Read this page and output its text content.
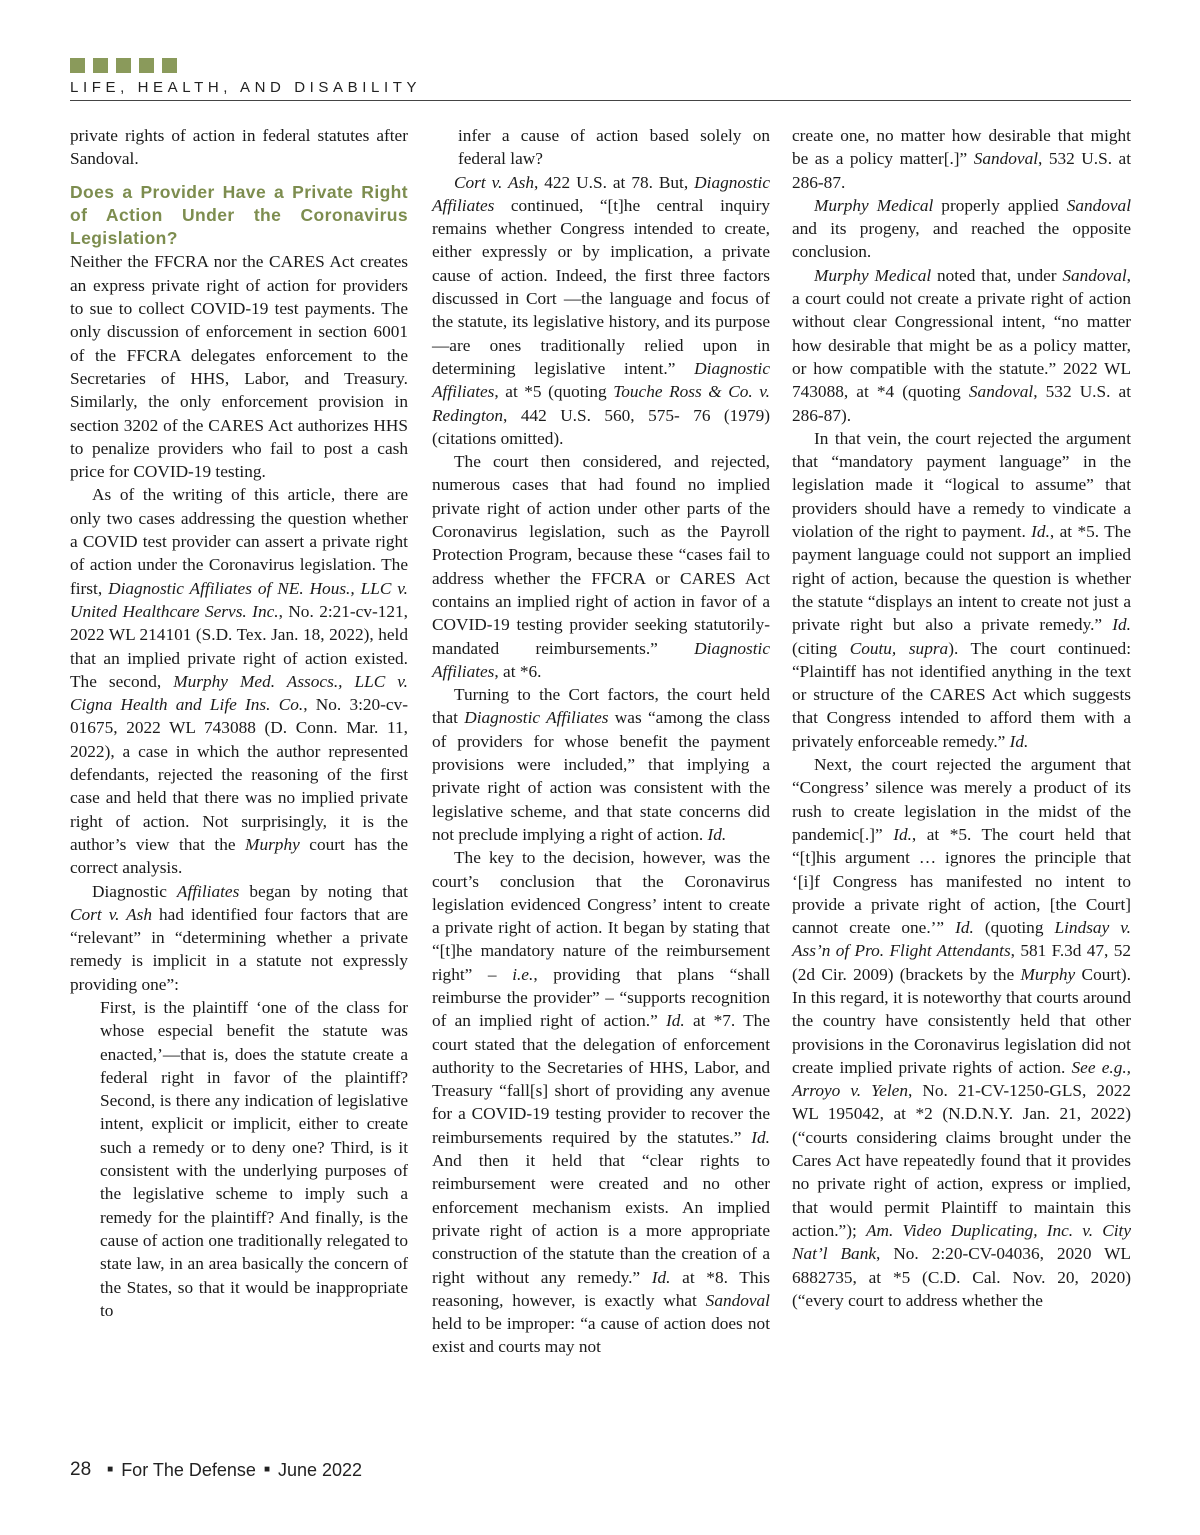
LIFE, HEALTH, AND DISABILITY

private rights of action in federal statutes after Sandoval.

Does a Provider Have a Private Right of Action Under the Coronavirus Legislation?

Neither the FFCRA nor the CARES Act creates an express private right of action for providers to sue to collect COVID-19 test payments. The only discussion of enforcement in section 6001 of the FFCRA delegates enforcement to the Secretaries of HHS, Labor, and Treasury. Similarly, the only enforcement provision in section 3202 of the CARES Act authorizes HHS to penalize providers who fail to post a cash price for COVID-19 testing.

As of the writing of this article, there are only two cases addressing the question whether a COVID test provider can assert a private right of action under the Coronavirus legislation. The first, Diagnostic Affiliates of NE. Hous., LLC v. United Healthcare Servs. Inc., No. 2:21-cv-121, 2022 WL 214101 (S.D. Tex. Jan. 18, 2022), held that an implied private right of action existed. The second, Murphy Med. Assocs., LLC v. Cigna Health and Life Ins. Co., No. 3:20-cv-01675, 2022 WL 743088 (D. Conn. Mar. 11, 2022), a case in which the author represented defendants, rejected the reasoning of the first case and held that there was no implied private right of action. Not surprisingly, it is the author’s view that the Murphy court has the correct analysis.

Diagnostic Affiliates began by noting that Cort v. Ash had identified four factors that are “relevant” in “determining whether a private remedy is implicit in a statute not expressly providing one”:

First, is the plaintiff ‘one of the class for whose especial benefit the statute was enacted,’—that is, does the statute create a federal right in favor of the plaintiff? Second, is there any indication of legislative intent, explicit or implicit, either to create such a remedy or to deny one? Third, is it consistent with the underlying purposes of the legislative scheme to imply such a remedy for the plaintiff? And finally, is the cause of action one traditionally relegated to state law, in an area basically the concern of the States, so that it would be inappropriate to

infer a cause of action based solely on federal law?

Cort v. Ash, 422 U.S. at 78. But, Diagnostic Affiliates continued, “[t]he central inquiry remains whether Congress intended to create, either expressly or by implication, a private cause of action. Indeed, the first three factors discussed in Cort —the language and focus of the statute, its legislative history, and its purpose—are ones traditionally relied upon in determining legislative intent.” Diagnostic Affiliates, at *5 (quoting Touche Ross & Co. v. Redington, 442 U.S. 560, 575- 76 (1979) (citations omitted).

The court then considered, and rejected, numerous cases that had found no implied private right of action under other parts of the Coronavirus legislation, such as the Payroll Protection Program, because these “cases fail to address whether the FFCRA or CARES Act contains an implied right of action in favor of a COVID-19 testing provider seeking statutorily-mandated reimbursements.” Diagnostic Affiliates, at *6.

Turning to the Cort factors, the court held that Diagnostic Affiliates was “among the class of providers for whose benefit the payment provisions were included,” that implying a private right of action was consistent with the legislative scheme, and that state concerns did not preclude implying a right of action. Id.

The key to the decision, however, was the court’s conclusion that the Coronavirus legislation evidenced Congress’ intent to create a private right of action. It began by stating that “[t]he mandatory nature of the reimbursement right” – i.e., providing that plans “shall reimburse the provider” – “supports recognition of an implied right of action.” Id. at *7. The court stated that the delegation of enforcement authority to the Secretaries of HHS, Labor, and Treasury “fall[s] short of providing any avenue for a COVID-19 testing provider to recover the reimbursements required by the statutes.” Id. And then it held that “clear rights to reimbursement were created and no other enforcement mechanism exists. An implied private right of action is a more appropriate construction of the statute than the creation of a right without any remedy.” Id. at *8. This reasoning, however, is exactly what Sandoval held to be improper: “a cause of action does not exist and courts may not

create one, no matter how desirable that might be as a policy matter[.]” Sandoval, 532 U.S. at 286-87.

Murphy Medical properly applied Sandoval and its progeny, and reached the opposite conclusion.

Murphy Medical noted that, under Sandoval, a court could not create a private right of action without clear Congressional intent, “no matter how desirable that might be as a policy matter, or how compatible with the statute.” 2022 WL 743088, at *4 (quoting Sandoval, 532 U.S. at 286-87).

In that vein, the court rejected the argument that “mandatory payment language” in the legislation made it “logical to assume” that providers should have a remedy to vindicate a violation of the right to payment. Id., at *5. The payment language could not support an implied right of action, because the question is whether the statute “displays an intent to create not just a private right but also a private remedy.” Id. (citing Coutu, supra). The court continued: “Plaintiff has not identified anything in the text or structure of the CARES Act which suggests that Congress intended to afford them with a privately enforceable remedy.” Id.

Next, the court rejected the argument that “Congress’ silence was merely a product of its rush to create legislation in the midst of the pandemic[.]” Id., at *5. The court held that “[t]his argument … ignores the principle that ‘[i]f Congress has manifested no intent to provide a private right of action, [the Court] cannot create one.’” Id. (quoting Lindsay v. Ass’n of Pro. Flight Attendants, 581 F.3d 47, 52 (2d Cir. 2009) (brackets by the Murphy Court). In this regard, it is noteworthy that courts around the country have consistently held that other provisions in the Coronavirus legislation did not create implied private rights of action. See e.g., Arroyo v. Yelen, No. 21-CV-1250-GLS, 2022 WL 195042, at *2 (N.D.N.Y. Jan. 21, 2022) (“courts considering claims brought under the Cares Act have repeatedly found that it provides no private right of action, express or implied, that would permit Plaintiff to maintain this action.”); Am. Video Duplicating, Inc. v. City Nat’l Bank, No. 2:20-CV-04036, 2020 WL 6882735, at *5 (C.D. Cal. Nov. 20, 2020) (“every court to address whether the

28 ■ For The Defense ■ June 2022
